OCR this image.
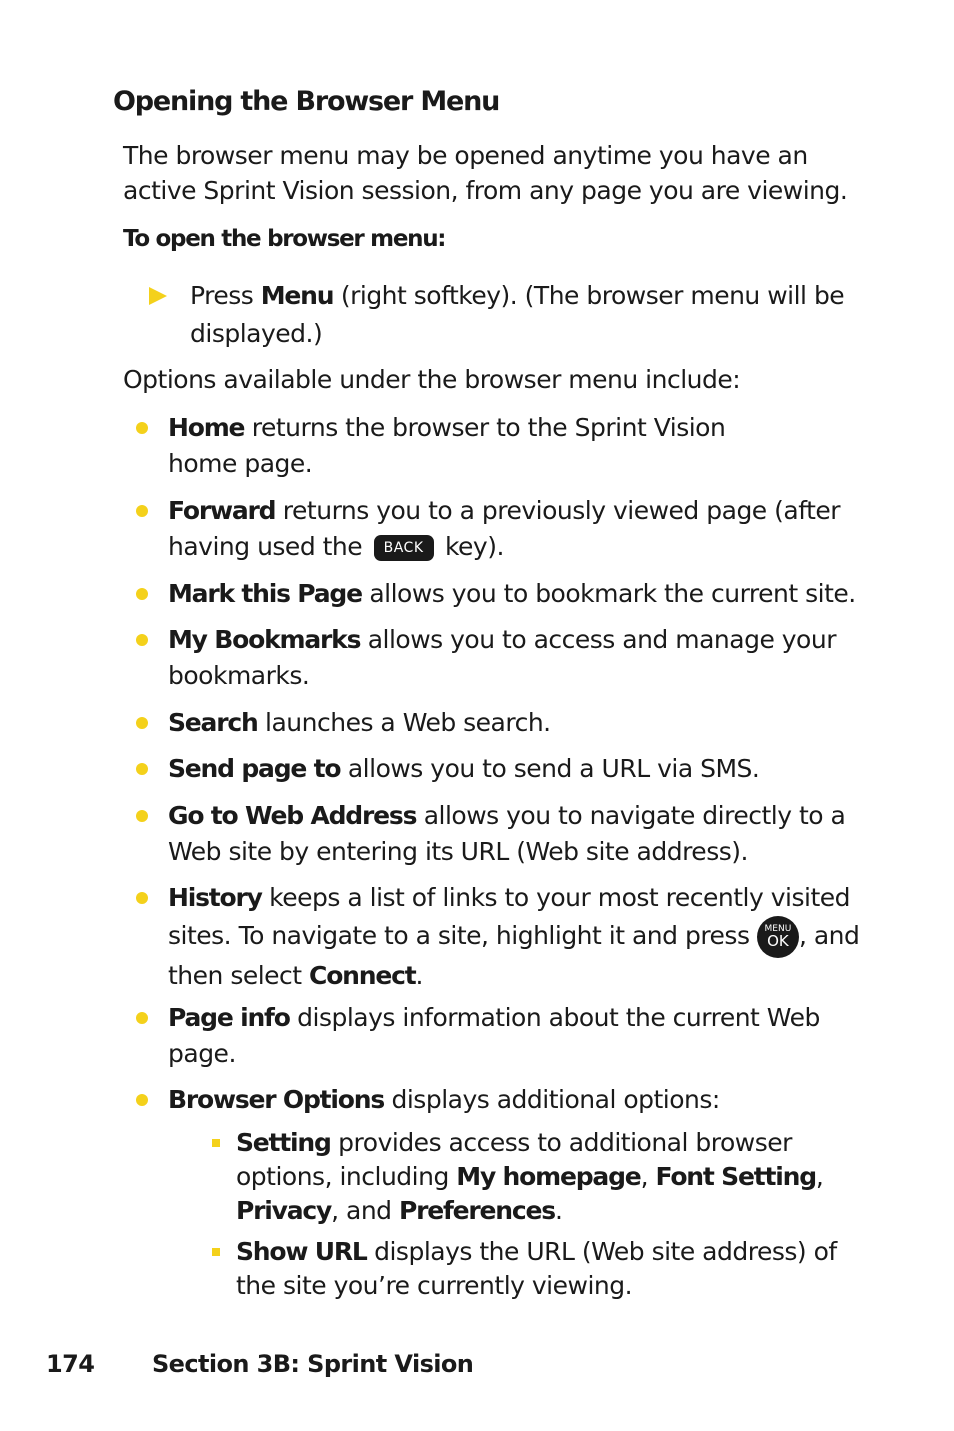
Opening the Browser Menu

The browser menu may be opened anytime you have an active Sprint Vision session, from any page you are viewing.

To open the browser menu:

Press Menu (right softkey). (The browser menu will be displayed.)

Options available under the browser menu include:

Home returns the browser to the Sprint Vision
home page.
Forward returns you to a previously viewed page (after having used the BACK key).
Mark this Page allows you to bookmark the current site.
My Bookmarks allows you to access and manage your bookmarks.
Search launches a Web search.
Send page to allows you to send a URL via SMS.
Go to Web Address allows you to navigate directly to a Web site by entering its URL (Web site address).
History keeps a list of links to your most recently visited sites. To navigate to a site, highlight it and press MENU
OK , and then select Connect.
Page info displays information about the current Web page.
Browser Options displays additional options:
Setting provides access to additional browser options, including My homepage, Font Setting, Privacy, and Preferences.
Show URL displays the URL (Web site address) of the site you’re currently viewing.
174 Section 3B: Sprint Vision
